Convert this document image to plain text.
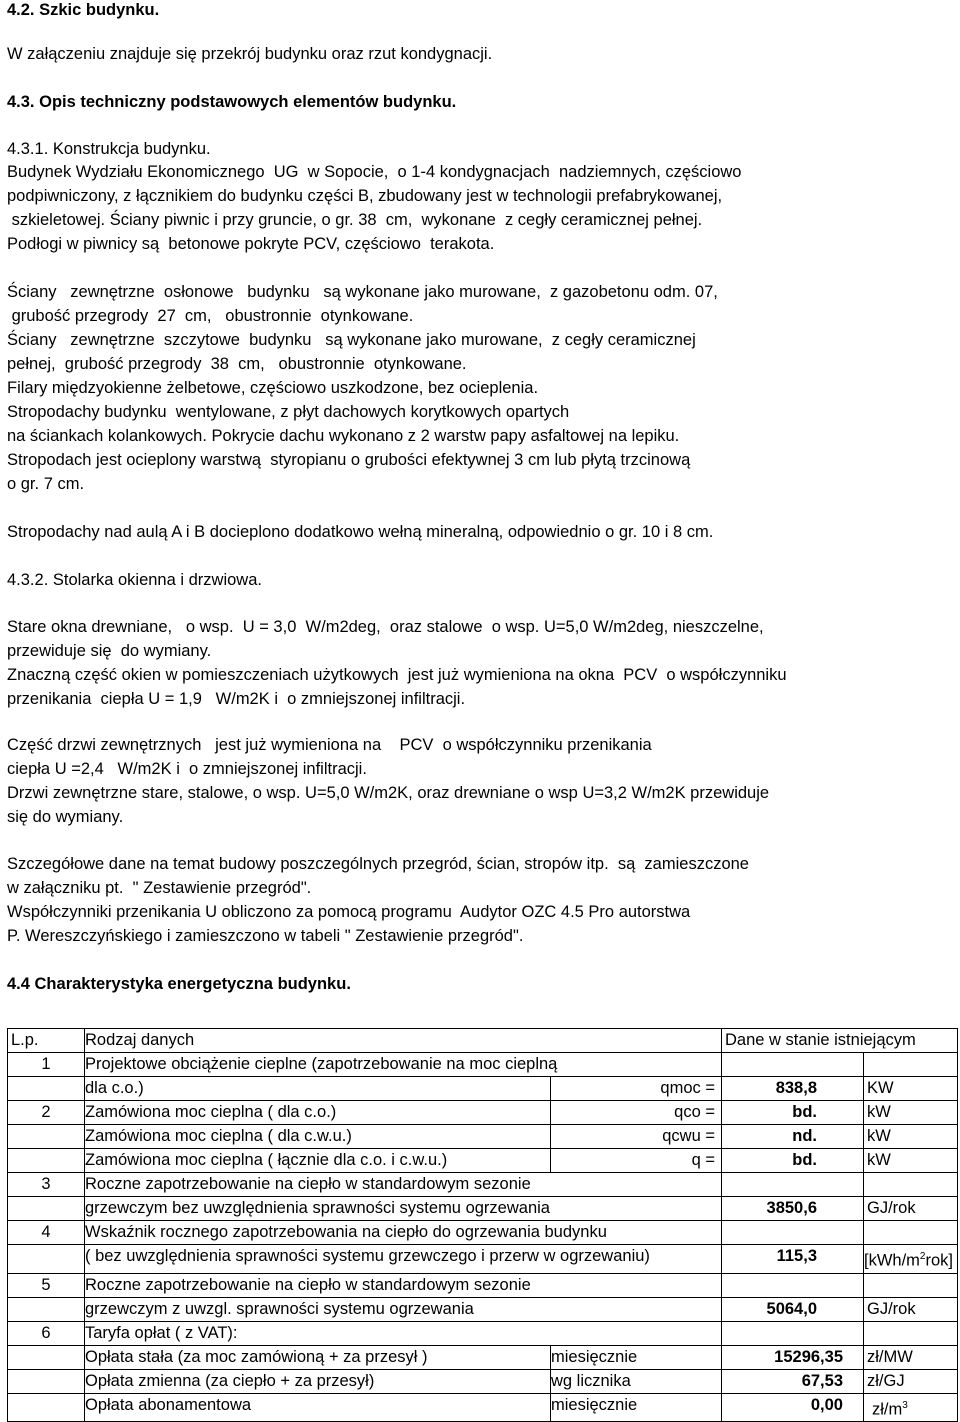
4.2. Szkic budynku.
W załączeniu znajduje się przekrój budynku oraz rzut kondygnacji.
4.3. Opis techniczny podstawowych elementów budynku.
4.3.1. Konstrukcja budynku.
Budynek Wydziału Ekonomicznego  UG  w Sopocie,  o 1-4 kondygnacjach  nadziemnych, częściowo
podpiwniczony, z łącznikiem do budynku części B, zbudowany jest w technologii prefabrykowanej,
szkieletowej. Ściany piwnic i przy gruncie, o gr. 38  cm,  wykonane  z cegły ceramicznej pełnej.
Podłogi w piwnicy są  betonowe pokryte PCV, częściowo  terakota.
Ściany   zewnętrzne  osłonowe   budynku   są wykonane jako murowane,  z gazobetonu odm. 07,
grubość przegrody  27  cm,   obustronnie  otynkowane.
Ściany   zewnętrzne  szczytowe  budynku   są wykonane jako murowane,  z cegły ceramicznej
pełnej,  grubość przegrody  38  cm,   obustronnie  otynkowane.
Filary międzyokienne żelbetowe, częściowo uszkodzone, bez ocieplenia.
Stropodachy budynku  wentylowane, z płyt dachowych korytkowych opartych
na ściankach kolankowych. Pokrycie dachu wykonano z 2 warstw papy asfaltowej na lepiku.
Stropodach jest ocieplony warstwą  styropianu o grubości efektywnej 3 cm lub płytą trzcinową
o gr. 7 cm.
Stropodachy nad aulą A i B docieplono dodatkowo wełną mineralną, odpowiednio o gr. 10 i 8 cm.
4.3.2. Stolarka okienna i drzwiowa.
Stare okna drewniane,   o wsp.  U = 3,0  W/m2deg,  oraz stalowe  o wsp. U=5,0 W/m2deg, nieszczelne,
przewiduje się  do wymiany.
Znaczną część okien w pomieszczeniach użytkowych  jest już wymieniona na okna  PCV  o współczynniku
przenikania  ciepła U = 1,9   W/m2K i  o zmniejszonej infiltracji.
Część drzwi zewnętrznych   jest już wymieniona na    PCV  o współczynniku przenikania
ciepła U =2,4   W/m2K i  o zmniejszonej infiltracji.
Drzwi zewnętrzne stare, stalowe, o wsp. U=5,0 W/m2K, oraz drewniane o wsp U=3,2 W/m2K przewiduje
się do wymiany.
Szczegółowe dane na temat budowy poszczególnych przegród, ścian, stropów itp.  są  zamieszczone
w załączniku pt.  " Zestawienie przegród".
Współczynniki przenikania U obliczono za pomocą programu  Audytor OZC 4.5 Pro autorstwa
P. Wereszczyńskiego i zamieszczono w tabeli " Zestawienie przegród".
4.4 Charakterystyka energetyczna budynku.
L.p.	Rodzaj danych		Dane w stanie istniejącym	
1	Projektowe obciążenie cieplne (zapotrzebowanie na moc cieplną			
	dla c.o.)	qmoc =	838,8	KW
2	Zamówiona moc cieplna ( dla c.o.)	qco =	bd.	kW
	Zamówiona moc cieplna ( dla c.w.u.)	qcwu =	nd.	kW
	Zamówiona moc cieplna ( łącznie dla c.o. i c.w.u.)	q =	bd.	kW
3	Roczne zapotrzebowanie na ciepło w standardowym sezonie			
	grzewczym bez uwzględnienia sprawności systemu ogrzewania		3850,6	GJ/rok
4	Wskaźnik rocznego zapotrzebowania na ciepło do ogrzewania budynku			
	( bez uwzględnienia sprawności systemu grzewczego i przerw w ogrzewaniu)		115,3	$[kWh/m^2rok]$
5	Roczne zapotrzebowanie na ciepło w standardowym sezonie			
	grzewczym z uwzgl. sprawności systemu ogrzewania		5064,0	GJ/rok
6	Taryfa opłat ( z VAT):			
	Opłata stała (za moc zamówioną + za przesył )	miesięcznie	15296,35	zł/MW
	Opłata zmienna (za ciepło + za przesył)	wg licznika	67,53	zł/GJ
	Opłata abonamentowa	miesięcznie	0,00	$zł/m^3$
